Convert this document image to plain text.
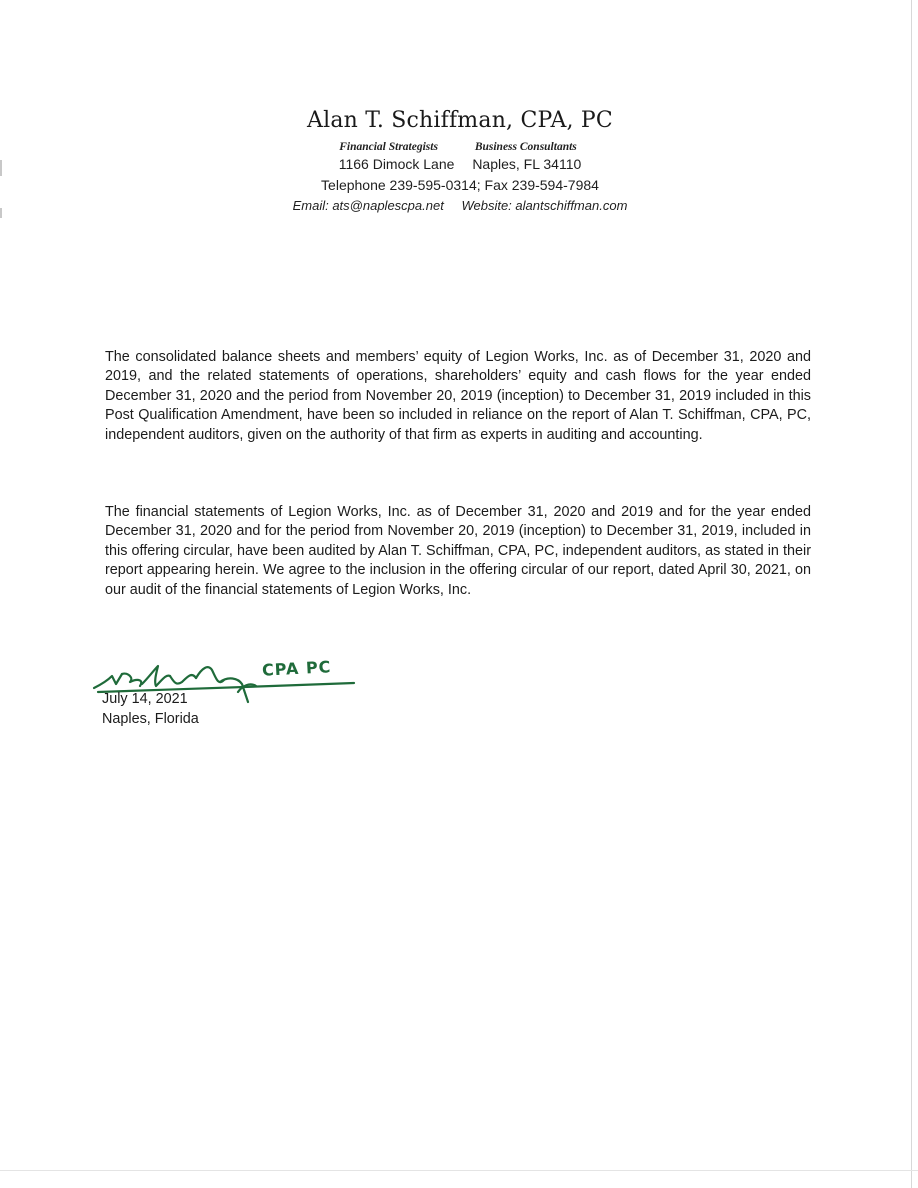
Alan T. Schiffman, CPA, PC
Financial Strategists	Business Consultants
1166 Dimock Lane Naples, FL 34110
Telephone 239-595-0314; Fax 239-594-7984
Email: ats@naplescpa.net Website: alantschiffman.com
The consolidated balance sheets and members’ equity of Legion Works, Inc. as of December 31, 2020 and 2019, and the related statements of operations, shareholders’ equity and cash flows for the year ended December 31, 2020 and the period from November 20, 2019 (inception) to December 31, 2019 included in this Post Qualification Amendment, have been so included in reliance on the report of Alan T. Schiffman, CPA, PC, independent auditors, given on the authority of that firm as experts in auditing and accounting.
The financial statements of Legion Works, Inc. as of December 31, 2020 and 2019 and for the year ended December 31, 2020 and for the period from November 20, 2019 (inception) to December 31, 2019, included in this offering circular, have been audited by Alan T. Schiffman, CPA, PC, independent auditors, as stated in their report appearing herein. We agree to the inclusion in the offering circular of our report, dated April 30, 2021, on our audit of the financial statements of Legion Works, Inc.
CPA PC
July 14, 2021
Naples, Florida
